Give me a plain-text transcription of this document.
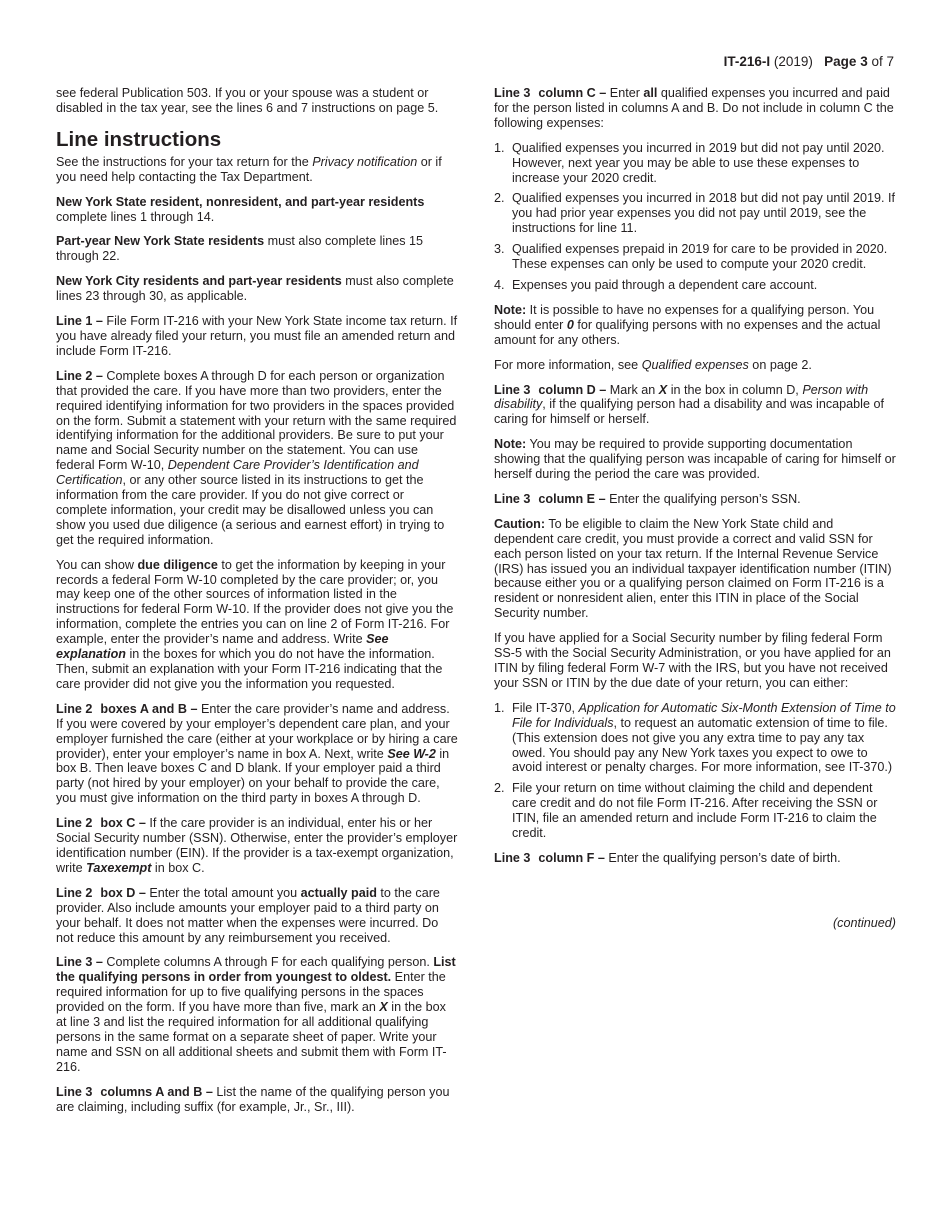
IT-216-I (2019) Page 3 of 7

see federal Publication 503. If you or your spouse was a student or disabled in the tax year, see the lines 6 and 7 instructions on page 5.

Line instructions

See the instructions for your tax return for the Privacy notification or if you need help contacting the Tax Department.

New York State resident, nonresident, and part-year residents complete lines 1 through 14.

Part-year New York State residents must also complete lines 15 through 22.

New York City residents and part-year residents must also complete lines 23 through 30, as applicable.

Line 1 – File Form IT-216 with your New York State income tax return. If you have already filed your return, you must file an amended return and include Form IT-216.

Line 2 – Complete boxes A through D for each person or organization that provided the care. If you have more than two providers, enter the required identifying information for two providers in the spaces provided on the form. Submit a statement with your return with the same required identifying information for the additional providers. Be sure to put your name and Social Security number on the statement. You can use federal Form W-10, Dependent Care Provider’s Identification and Certification, or any other source listed in its instructions to get the information from the care provider. If you do not give correct or complete information, your credit may be disallowed unless you can show you used due diligence (a serious and earnest effort) in trying to get the required information.

You can show due diligence to get the information by keeping in your records a federal Form W-10 completed by the care provider; or, you may keep one of the other sources of information listed in the instructions for federal Form W-10. If the provider does not give you the information, complete the entries you can on line 2 of Form IT-216. For example, enter the provider’s name and address. Write See explanation in the boxes for which you do not have the information. Then, submit an explanation with your Form IT-216 indicating that the care provider did not give you the information you requested.

Line 2 boxes A and B – Enter the care provider’s name and address. If you were covered by your employer’s dependent care plan, and your employer furnished the care (either at your workplace or by hiring a care provider), enter your employer’s name in box A. Next, write See W-2 in box B. Then leave boxes C and D blank. If your employer paid a third party (not hired by your employer) on your behalf to provide the care, you must give information on the third party in boxes A through D.

Line 2 box C – If the care provider is an individual, enter his or her Social Security number (SSN). Otherwise, enter the provider’s employer identification number (EIN). If the provider is a tax-exempt organization, write Taxexempt in box C.

Line 2 box D – Enter the total amount you actually paid to the care provider. Also include amounts your employer paid to a third party on your behalf. It does not matter when the expenses were incurred. Do not reduce this amount by any reimbursement you received.

Line 3 – Complete columns A through F for each qualifying person. List the qualifying persons in order from youngest to oldest. Enter the required information for up to five qualifying persons in the spaces provided on the form. If you have more than five, mark an X in the box at line 3 and list the required information for all additional qualifying persons in the same format on a separate sheet of paper. Write your name and SSN on all additional sheets and submit them with Form IT-216.

Line 3 columns A and B – List the name of the qualifying person you are claiming, including suffix (for example, Jr., Sr., III).

Line 3 column C – Enter all qualified expenses you incurred and paid for the person listed in columns A and B. Do not include in column C the following expenses:

1. Qualified expenses you incurred in 2019 but did not pay until 2020. However, next year you may be able to use these expenses to increase your 2020 credit.
2. Qualified expenses you incurred in 2018 but did not pay until 2019. If you had prior year expenses you did not pay until 2019, see the instructions for line 11.
3. Qualified expenses prepaid in 2019 for care to be provided in 2020. These expenses can only be used to compute your 2020 credit.
4. Expenses you paid through a dependent care account.

Note: It is possible to have no expenses for a qualifying person. You should enter 0 for qualifying persons with no expenses and the actual amount for any others.

For more information, see Qualified expenses on page 2.

Line 3 column D – Mark an X in the box in column D, Person with disability, if the qualifying person had a disability and was incapable of caring for himself or herself.

Note: You may be required to provide supporting documentation showing that the qualifying person was incapable of caring for himself or herself during the period the care was provided.

Line 3 column E – Enter the qualifying person’s SSN.

Caution: To be eligible to claim the New York State child and dependent care credit, you must provide a correct and valid SSN for each person listed on your tax return. If the Internal Revenue Service (IRS) has issued you an individual taxpayer identification number (ITIN) because either you or a qualifying person claimed on Form IT-216 is a resident or nonresident alien, enter this ITIN in place of the Social Security number.

If you have applied for a Social Security number by filing federal Form SS-5 with the Social Security Administration, or you have applied for an ITIN by filing federal Form W-7 with the IRS, but you have not received your SSN or ITIN by the due date of your return, you can either:

1. File IT-370, Application for Automatic Six-Month Extension of Time to File for Individuals, to request an automatic extension of time to file. (This extension does not give you any extra time to pay any tax owed. You should pay any New York taxes you expect to owe to avoid interest or penalty charges. For more information, see IT-370.)
2. File your return on time without claiming the child and dependent care credit and do not file Form IT-216. After receiving the SSN or ITIN, file an amended return and include Form IT-216 to claim the credit.

Line 3 column F – Enter the qualifying person’s date of birth.

(continued)
